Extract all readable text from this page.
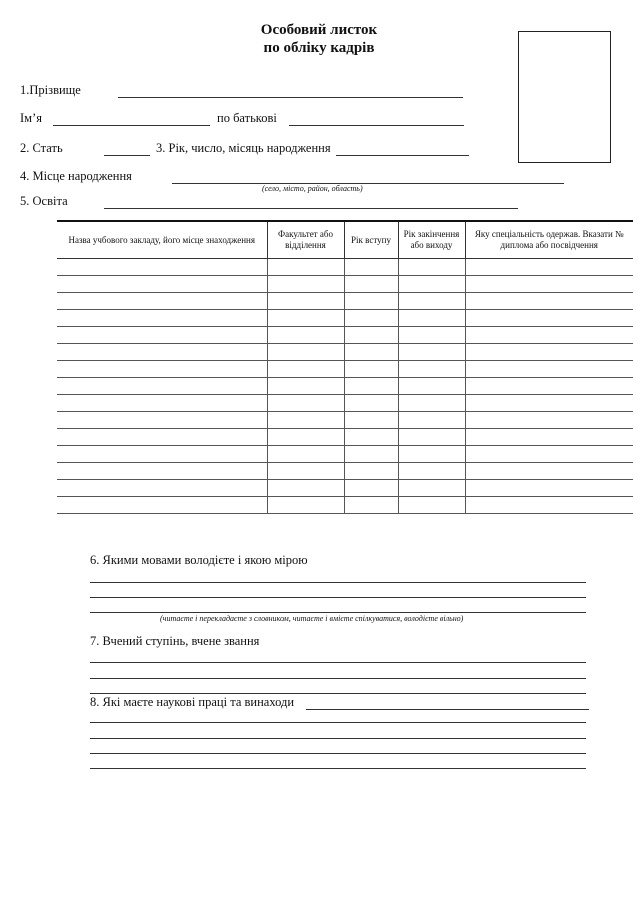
Особовий листок
по обліку кадрів
1.Прізвище
Ім’я	по батькові
2. Стать	3. Рік, число, місяць народження
4. Місце народження
(село, місто, район, область)
5. Освіта
Назва учбового закладу, його місце знаходження	Факультет або відділення	Рік вступу	Рік закінчення або виходу	Яку спеціальність одержав. Вказати № диплома або посвідчення

6. Якими мовами володієте і якою мірою
(читаєте і перекладаєте з словником, читаєте і вмієте спілкуватися, володієте вільно)
7. Вчений ступінь, вчене звання
8. Які маєте наукові праці та винаходи
